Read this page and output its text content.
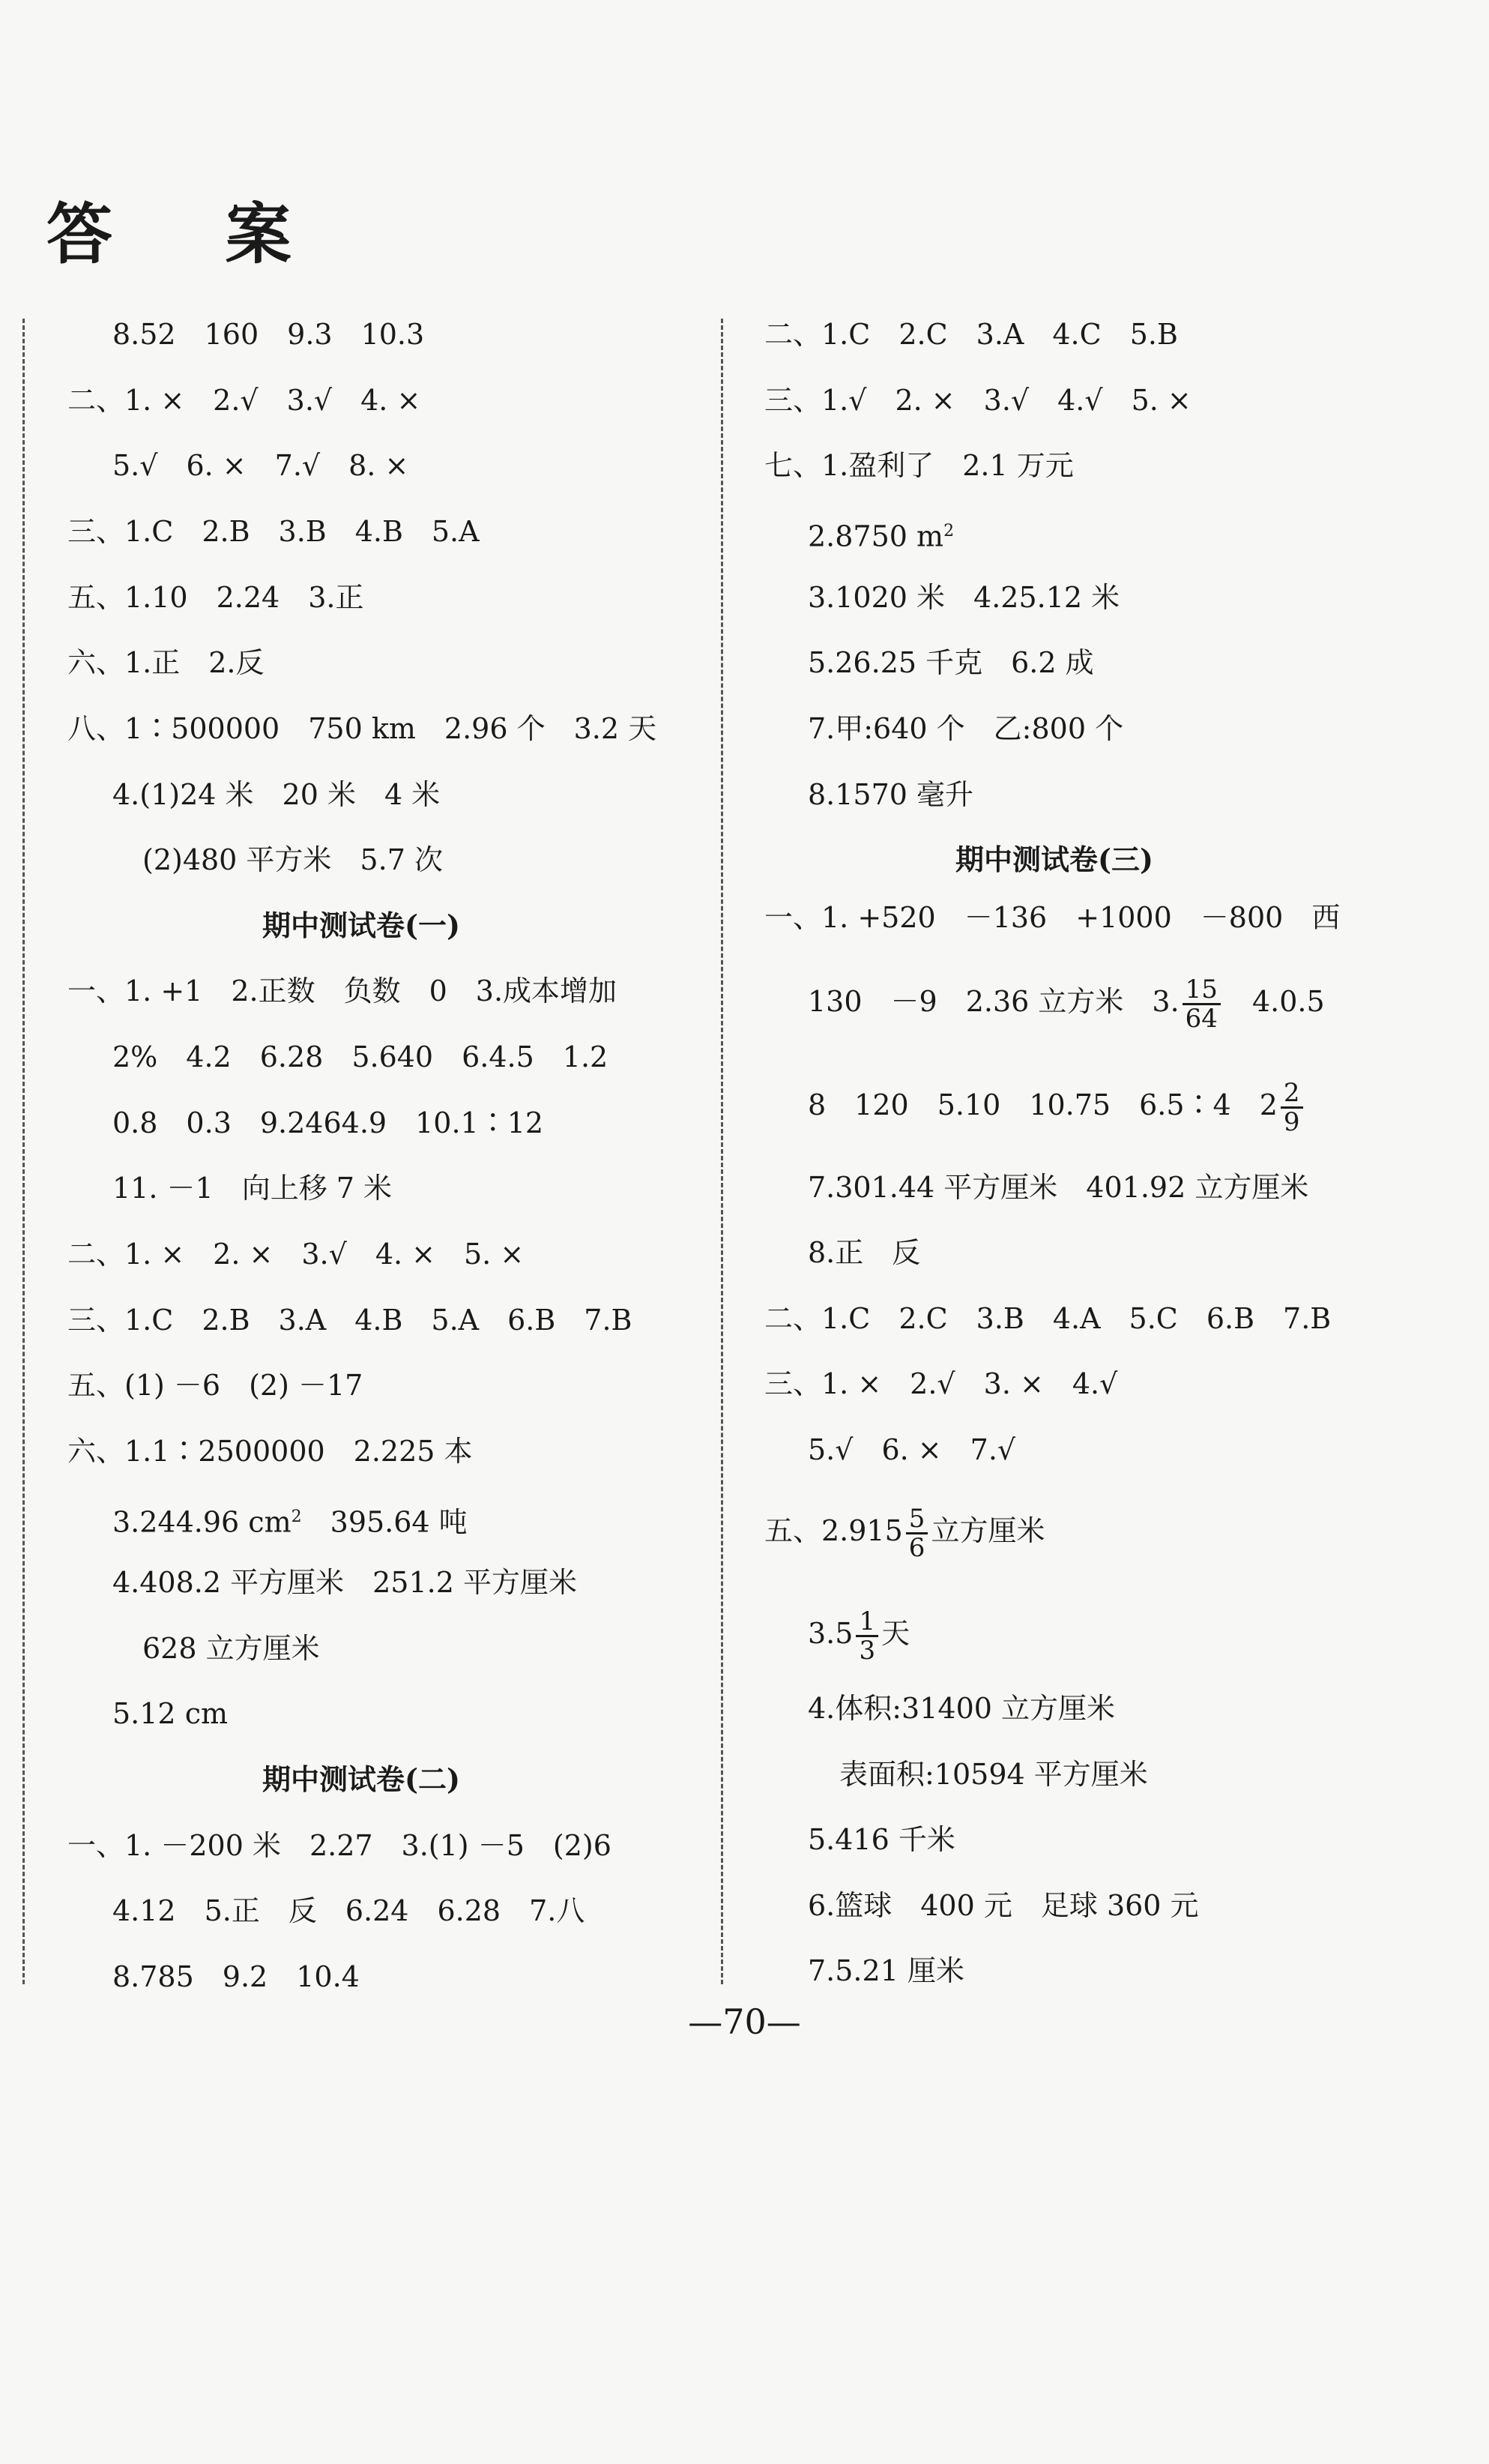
答 案
8.52　160　9.3　10.3
二、1. ×　2.√　3.√　4. ×
5.√　6. ×　7.√　8. ×
三、1.C　2.B　3.B　4.B　5.A
五、1.10　2.24　3.正
六、1.正　2.反
八、1∶500000　750 km　2.96 个　3.2 天
4.(1)24 米　20 米　4 米
(2)480 平方米　5.7 次
期中测试卷(一)
一、1. +1　2.正数　负数　0　3.成本增加
2%　4.2　6.28　5.640　6.4.5　1.2
0.8　0.3　9.2464.9　10.1∶12
11. －1　向上移 7 米
二、1. ×　2. ×　3.√　4. ×　5. ×
三、1.C　2.B　3.A　4.B　5.A　6.B　7.B
五、(1) －6　(2) －17
六、1.1∶2500000　2.225 本
3.244.96 $cm^2$　 395.64 吨
4.408.2 平方厘米　251.2 平方厘米
628 立方厘米
5.12 cm
期中测试卷(二)
一、1. －200 米　2.27　3.(1) －5　(2)6
4.12　5.正　反　6.24　6.28　7.八
8.785　9.2　10.4
二、1.C　2.C　3.A　4.C　5.B
三、1.√　2. ×　3.√　4.√　5. ×
七、1.盈利了　2.1 万元
2.8750 $m^2$
3.1020 米　4.25.12 米
5.26.25 千克　6.2 成
7.甲:640 个　乙:800 个
8.1570 毫升
期中测试卷(三)
一、1. +520　－136　+1000　－800　西
130　－9　2.36 立方米　3. $\frac{15}{64}$
　 4.0.5
8　120　5.10　10.75　6.5∶4　$2 \frac{2}{9}$
7.301.44 平方厘米　401.92 立方厘米
8.正　反
二、1.C　2.C　3.B　4.A　5.C　6.B　7.B
三、1. ×　2.√　3. ×　4.√
5.√　6. ×　7.√
五、$2.915 \frac{5}{6}$ 立方厘米
$3.5 \frac{1}{3}$ 天
4.体积:31400 立方厘米
表面积:10594 平方厘米
5.416 千米
6.篮球　400 元　足球 360 元
7.5.21 厘米
—70—
